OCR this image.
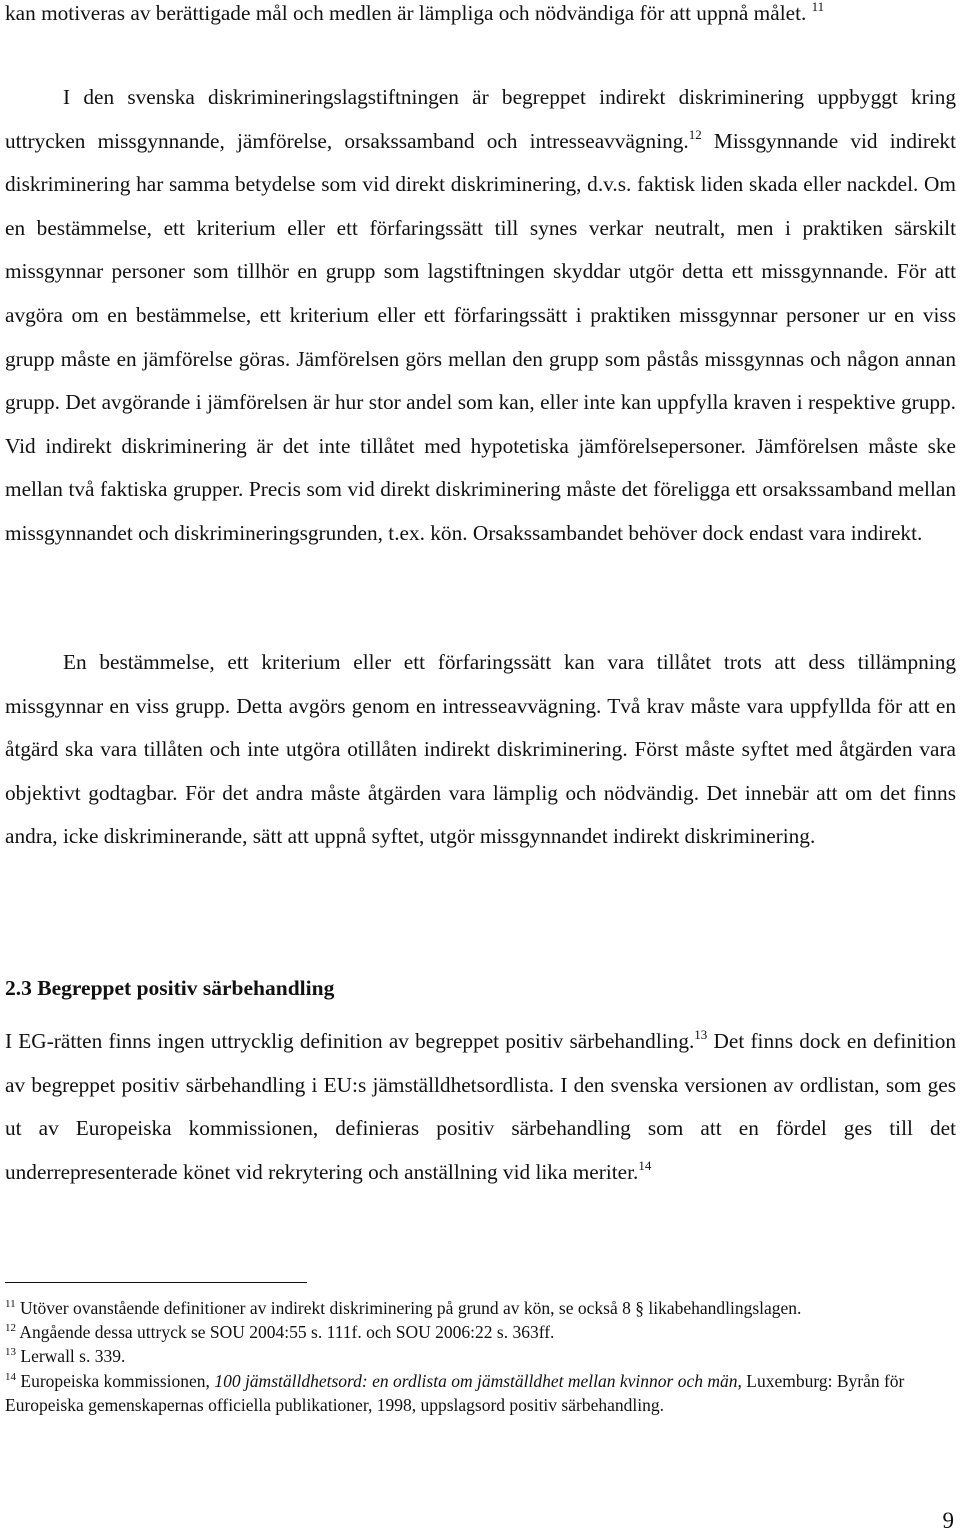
kan motiveras av berättigade mål och medlen är lämpliga och nödvändiga för att uppnå målet. $^{11}$

I den svenska diskrimineringslagstiftningen är begreppet indirekt diskriminering uppbyggt kring uttrycken missgynnande, jämförelse, orsakssamband och intresseavvägning.$^{12}$ Missgynnande vid indirekt diskriminering har samma betydelse som vid direkt diskriminering, d.v.s. faktisk liden skada eller nackdel. Om en bestämmelse, ett kriterium eller ett förfaringssätt till synes verkar neutralt, men i praktiken särskilt missgynnar personer som tillhör en grupp som lagstiftningen skyddar utgör detta ett missgynnande. För att avgöra om en bestämmelse, ett kriterium eller ett förfaringssätt i praktiken missgynnar personer ur en viss grupp måste en jämförelse göras. Jämförelsen görs mellan den grupp som påstås missgynnas och någon annan grupp. Det avgörande i jämförelsen är hur stor andel som kan, eller inte kan uppfylla kraven i respektive grupp. Vid indirekt diskriminering är det inte tillåtet med hypotetiska jämförelsepersoner. Jämförelsen måste ske mellan två faktiska grupper. Precis som vid direkt diskriminering måste det föreligga ett orsakssamband mellan missgynnandet och diskrimineringsgrunden, t.ex. kön. Orsakssambandet behöver dock endast vara indirekt.

En bestämmelse, ett kriterium eller ett förfaringssätt kan vara tillåtet trots att dess tillämpning missgynnar en viss grupp. Detta avgörs genom en intresseavvägning. Två krav måste vara uppfyllda för att en åtgärd ska vara tillåten och inte utgöra otillåten indirekt diskriminering. Först måste syftet med åtgärden vara objektivt godtagbar. För det andra måste åtgärden vara lämplig och nödvändig. Det innebär att om det finns andra, icke diskriminerande, sätt att uppnå syftet, utgör missgynnandet indirekt diskriminering.

2.3 Begreppet positiv särbehandling

I EG-rätten finns ingen uttrycklig definition av begreppet positiv särbehandling.$^{13}$ Det finns dock en definition av begreppet positiv särbehandling i EU:s jämställdhetsordlista. I den svenska versionen av ordlistan, som ges ut av Europeiska kommissionen, definieras positiv särbehandling som att en fördel ges till det underrepresenterade könet vid rekrytering och anställning vid lika meriter.$^{14}$

$^{11}$ Utöver ovanstående definitioner av indirekt diskriminering på grund av kön, se också 8 § likabehandlingslagen.

$^{12}$ Angående dessa uttryck se SOU 2004:55 s. 111f. och SOU 2006:22 s. 363ff.

$^{13}$ Lerwall s. 339.

$^{14}$ Europeiska kommissionen, 100 jämställdhetsord: en ordlista om jämställdhet mellan kvinnor och män, Luxemburg: Byrån för Europeiska gemenskapernas officiella publikationer, 1998, uppslagsord positiv särbehandling.

9
